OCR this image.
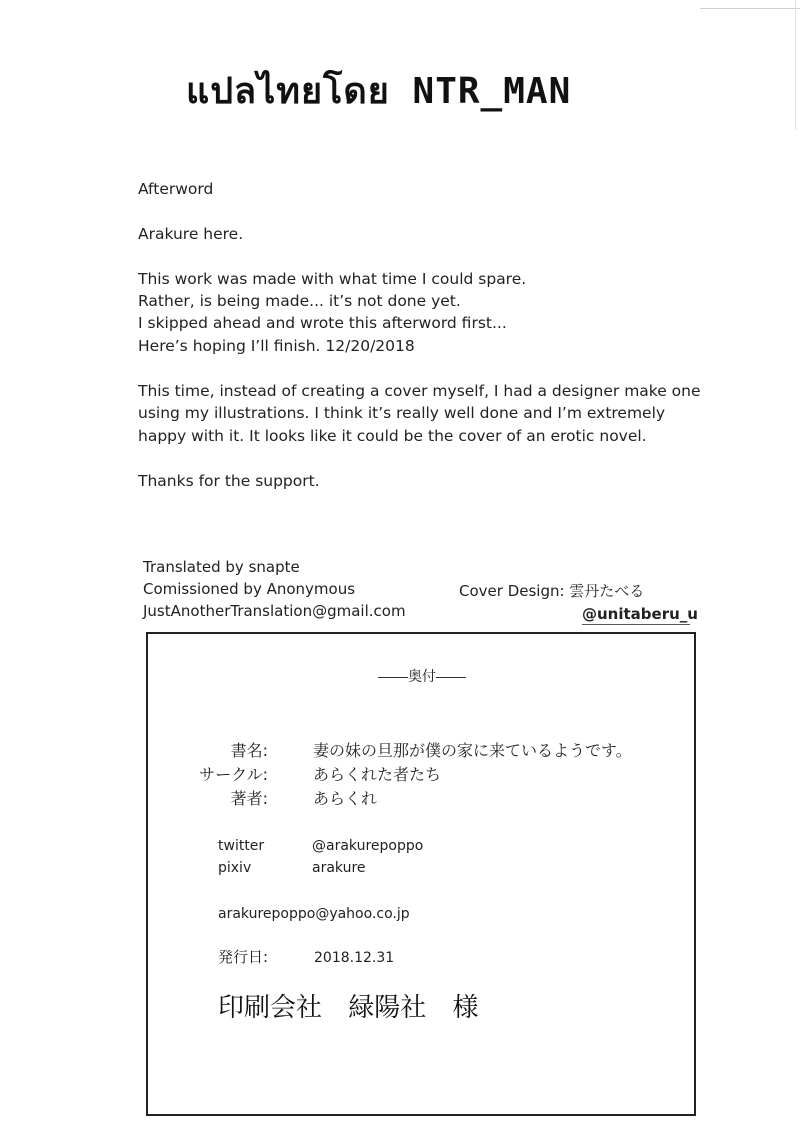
แปลไทยโดย NTR_MAN
Afterword
Arakure here.
This work was made with what time I could spare.
Rather, is being made... it’s not done yet.
I skipped ahead and wrote this afterword first...
Here’s hoping I’ll finish. 12/20/2018
This time, instead of creating a cover myself, I had a designer make one
using my illustrations. I think it’s really well done and I’m extremely
happy with it. It looks like it could be the cover of an erotic novel.
Thanks for the support.
Translated by snapte
Comissioned by Anonymous
JustAnotherTranslation@gmail.com
Cover Design: 雲丹たべる
@unitaberu_u
奥付
書名:	妻の妹の旦那が僕の家に来ているようです。
サークル:	あらくれた者たち
著者:	あらくれ
twitter	@arakurepoppo
pixiv	arakure
arakurepoppo@yahoo.co.jp
発行日:	2018.12.31
印刷会社 緑陽社 様
